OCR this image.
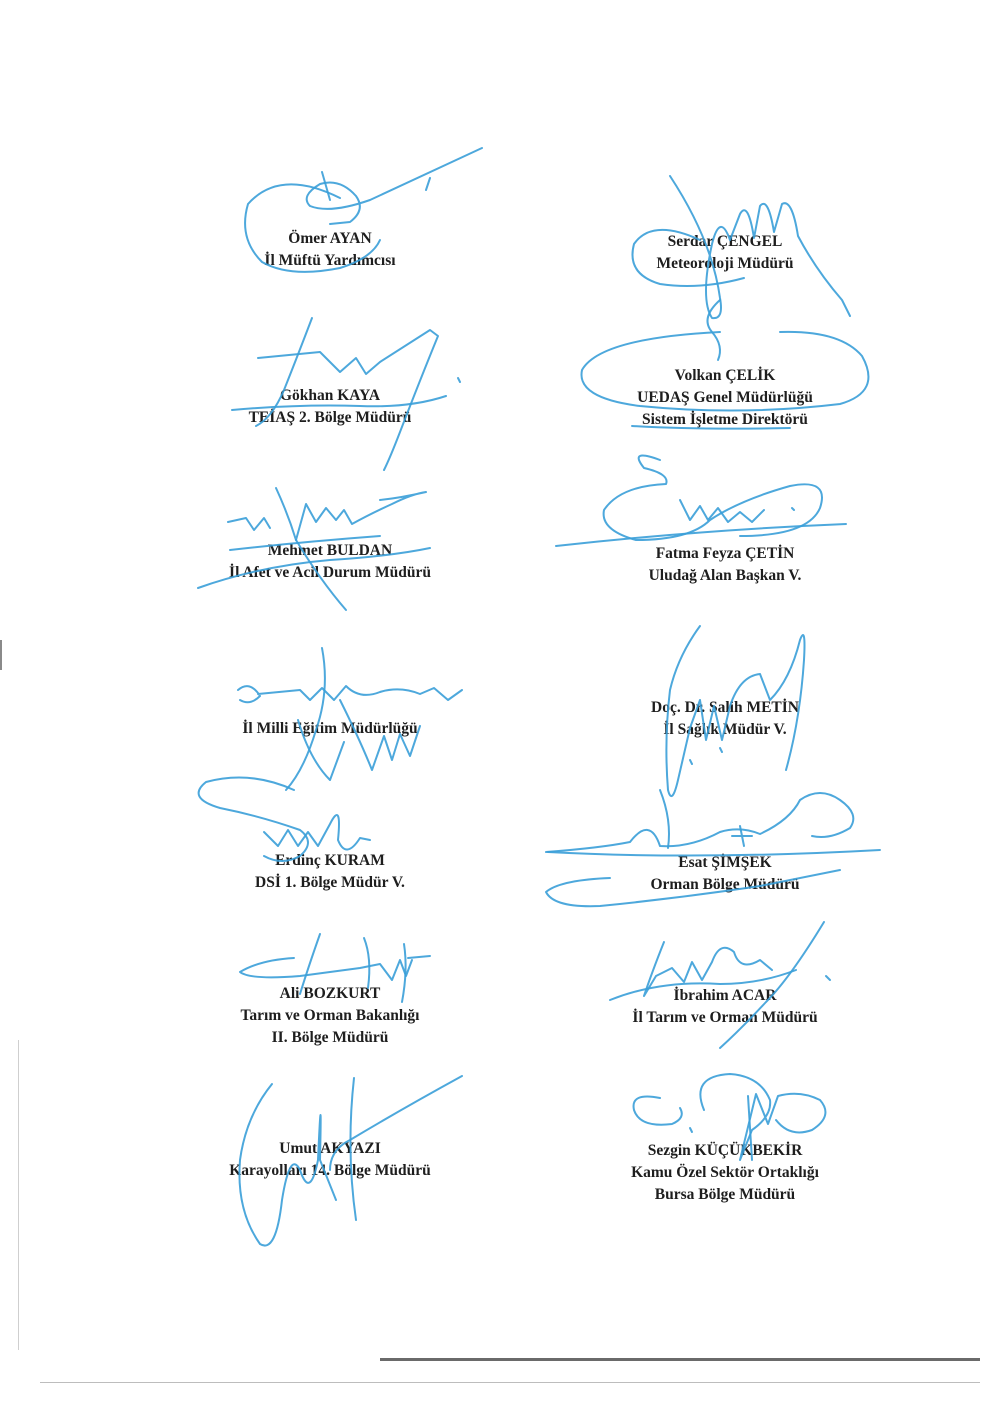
Ömer AYAN
İl Müftü Yardımcısı
Serdar ÇENGEL
Meteoroloji Müdürü
Gökhan KAYA
TEİAŞ 2. Bölge Müdürü
Volkan ÇELİK
UEDAŞ Genel Müdürlüğü
Sistem İşletme Direktörü
Mehmet BULDAN
İl Afet ve Acil Durum Müdürü
Fatma Feyza ÇETİN
Uludağ Alan Başkan V.
İl Milli Eğitim Müdürlüğü
Doç. Dr. Salih METİN
İl Sağlık Müdür V.
Erdinç KURAM
DSİ 1. Bölge Müdür V.
Esat ŞİMŞEK
Orman Bölge Müdürü
Ali BOZKURT
Tarım ve Orman Bakanlığı
II. Bölge Müdürü
İbrahim ACAR
İl Tarım ve Orman Müdürü
Umut AKYAZI
Karayolları 14. Bölge Müdürü
Sezgin KÜÇÜKBEKİR
Kamu Özel Sektör Ortaklığı
Bursa Bölge Müdürü
